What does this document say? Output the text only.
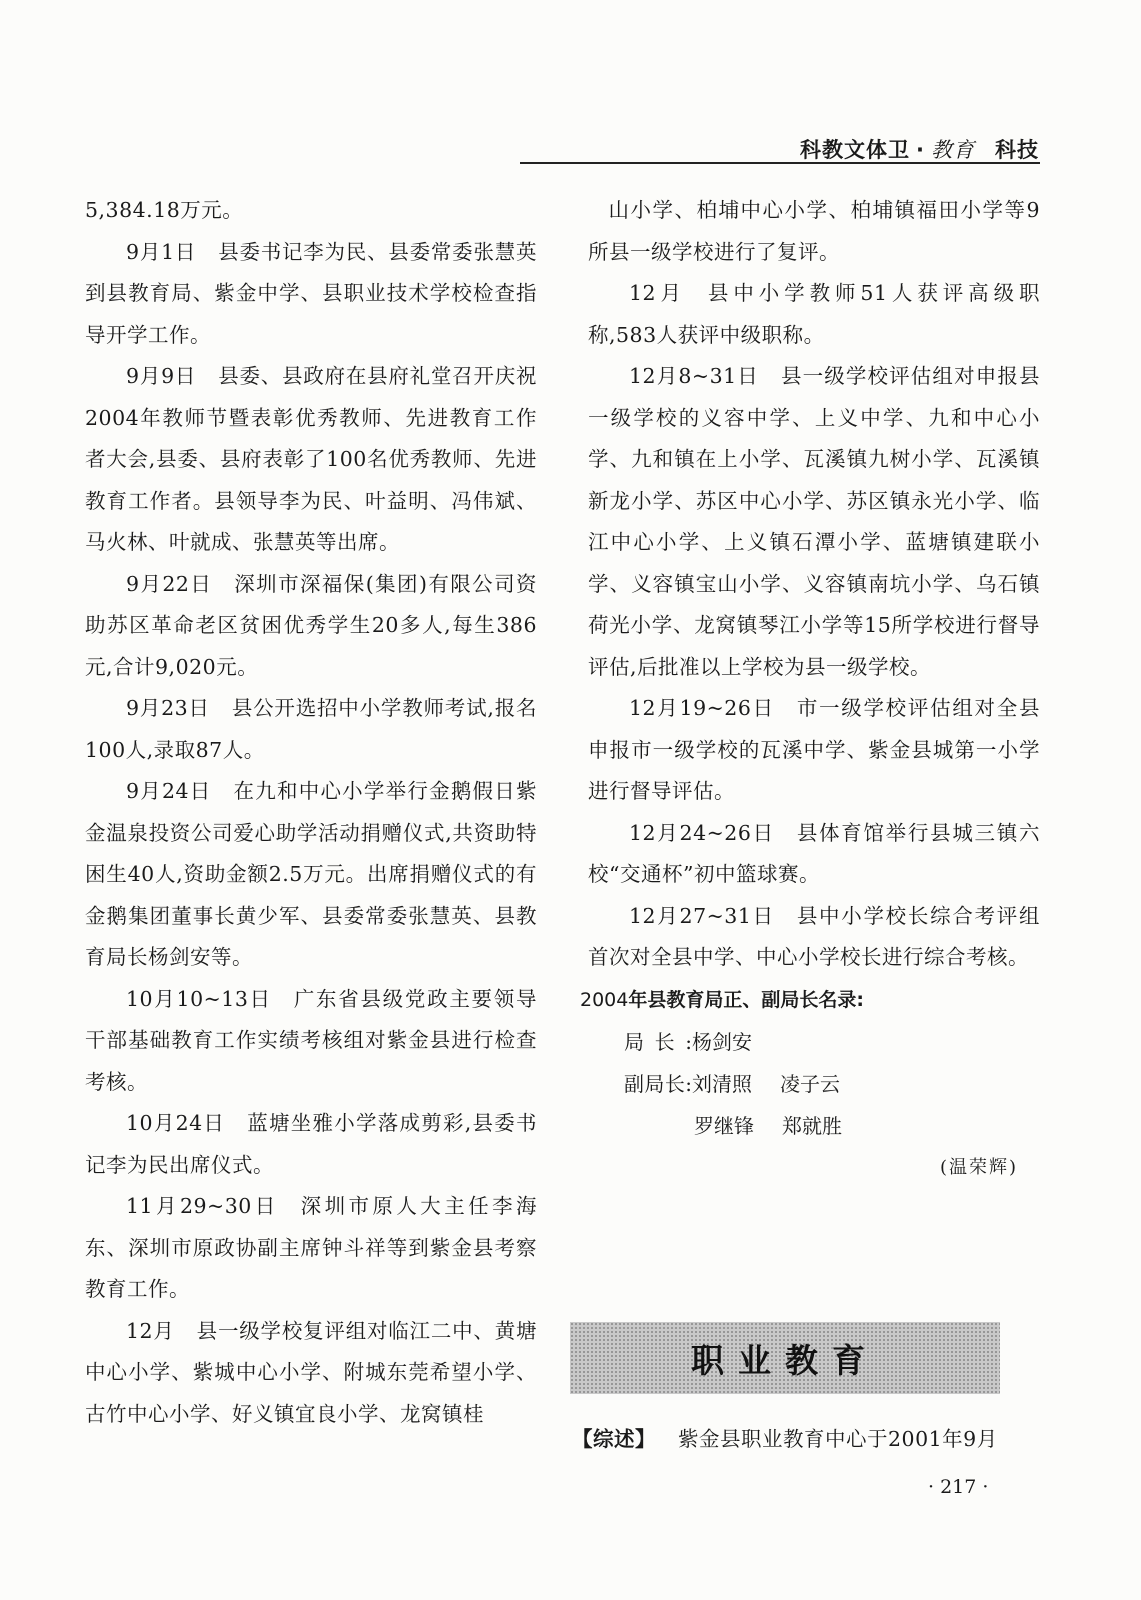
科教文体卫 · 教育 科技

5,384.18万元。

9月1日 县委书记李为民、县委常委张慧英到县教育局、紫金中学、县职业技术学校检查指导开学工作。

9月9日 县委、县政府在县府礼堂召开庆祝2004年教师节暨表彰优秀教师、先进教育工作者大会,县委、县府表彰了100名优秀教师、先进教育工作者。县领导李为民、叶益明、冯伟斌、马火林、叶就成、张慧英等出席。

9月22日 深圳市深福保(集团)有限公司资助苏区革命老区贫困优秀学生20多人,每生386元,合计9,020元。

9月23日 县公开选招中小学教师考试,报名100人,录取87人。

9月24日 在九和中心小学举行金鹅假日紫金温泉投资公司爱心助学活动捐赠仪式,共资助特困生40人,资助金额2.5万元。出席捐赠仪式的有金鹅集团董事长黄少军、县委常委张慧英、县教育局长杨剑安等。

10月10~13日 广东省县级党政主要领导干部基础教育工作实绩考核组对紫金县进行检查考核。

10月24日 蓝塘坐雅小学落成剪彩,县委书记李为民出席仪式。

11月29~30日 深圳市原人大主任李海东、深圳市原政协副主席钟斗祥等到紫金县考察教育工作。

12月 县一级学校复评组对临江二中、黄塘中心小学、紫城中心小学、附城东莞希望小学、古竹中心小学、好义镇宜良小学、龙窝镇桂

山小学、柏埔中心小学、柏埔镇福田小学等9所县一级学校进行了复评。

12月 县中小学教师51人获评高级职称,583人获评中级职称。

12月8~31日 县一级学校评估组对申报县一级学校的义容中学、上义中学、九和中心小学、九和镇在上小学、瓦溪镇九树小学、瓦溪镇新龙小学、苏区中心小学、苏区镇永光小学、临江中心小学、上义镇石潭小学、蓝塘镇建联小学、义容镇宝山小学、义容镇南坑小学、乌石镇荷光小学、龙窝镇琴江小学等15所学校进行督导评估,后批准以上学校为县一级学校。

12月19~26日 市一级学校评估组对全县申报市一级学校的瓦溪中学、紫金县城第一小学进行督导评估。

12月24~26日 县体育馆举行县城三镇六校“交通杯”初中篮球赛。

12月27~31日 县中小学校长综合考评组首次对全县中学、中心小学校长进行综合考核。

2004年县教育局正、副局长名录:
局长:杨剑安
副局长:刘清照 凌子云
罗继锋 郑就胜
(温荣辉)
职业教育
【综述】 紫金县职业教育中心于2001年9月
· 217 ·
